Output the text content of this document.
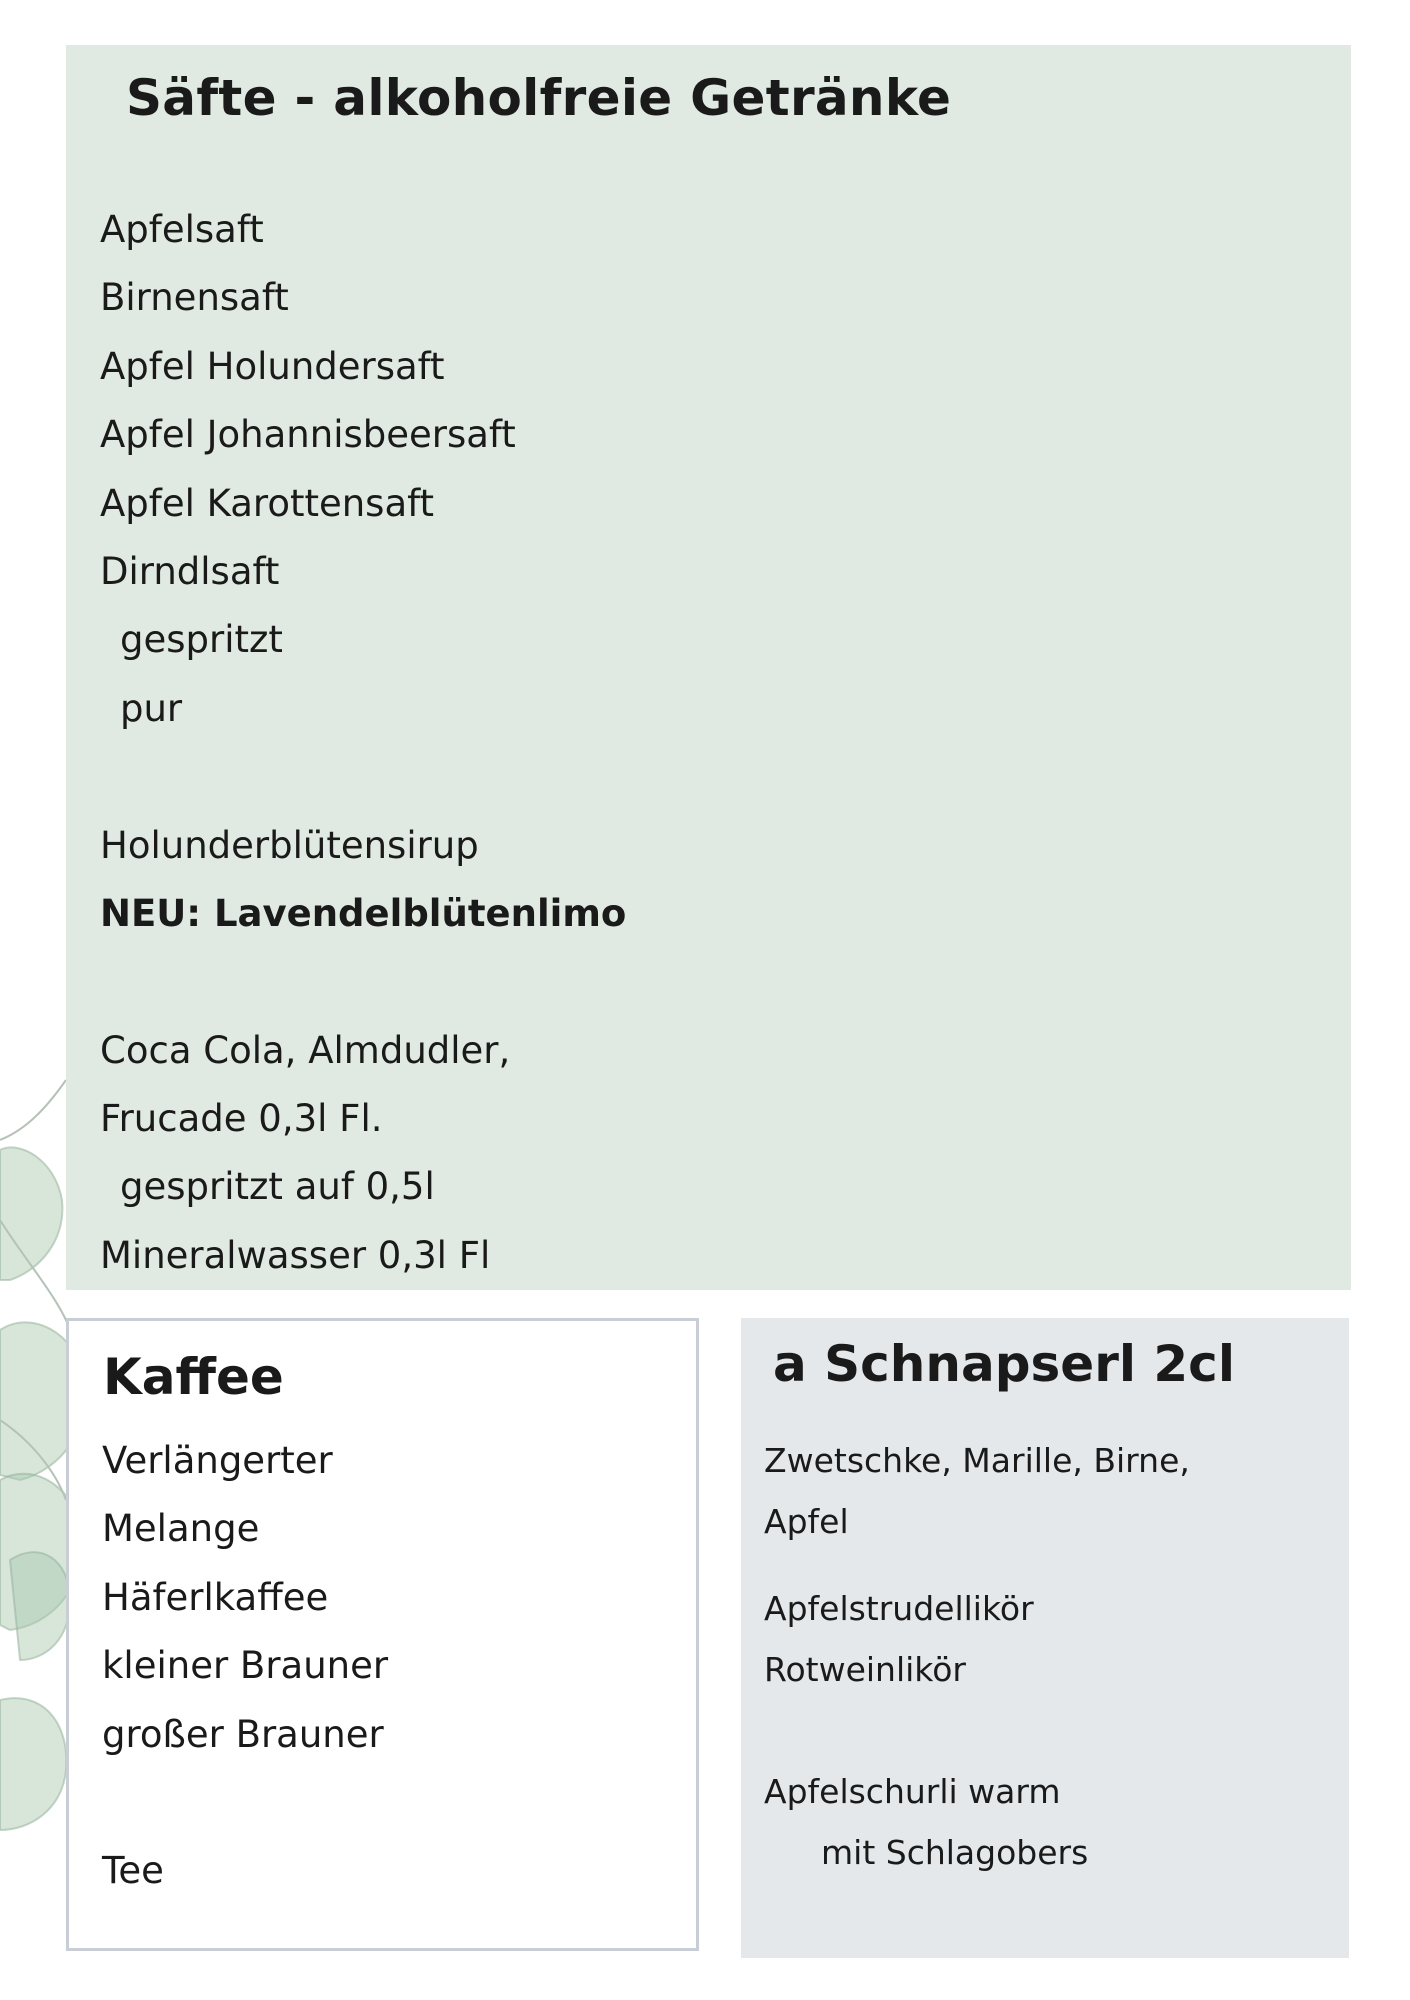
Säfte - alkoholfreie Getränke
Apfelsaft
Birnensaft
Apfel Holundersaft
Apfel Johannisbeersaft
Apfel Karottensaft
Dirndlsaft
gespritzt
pur
Holunderblütensirup
NEU: Lavendelblütenlimo
Coca Cola, Almdudler,
Frucade 0,3l Fl.
gespritzt auf 0,5l
Mineralwasser 0,3l Fl
Kaffee
Verlängerter
Melange
Häferlkaffee
kleiner Brauner
großer Brauner
Tee
a Schnapserl 2cl

Zwetschke, Marille, Birne,

Apfel

Apfelstrudellikör

Rotweinlikör

Apfelschurli warm

mit Schlagobers
